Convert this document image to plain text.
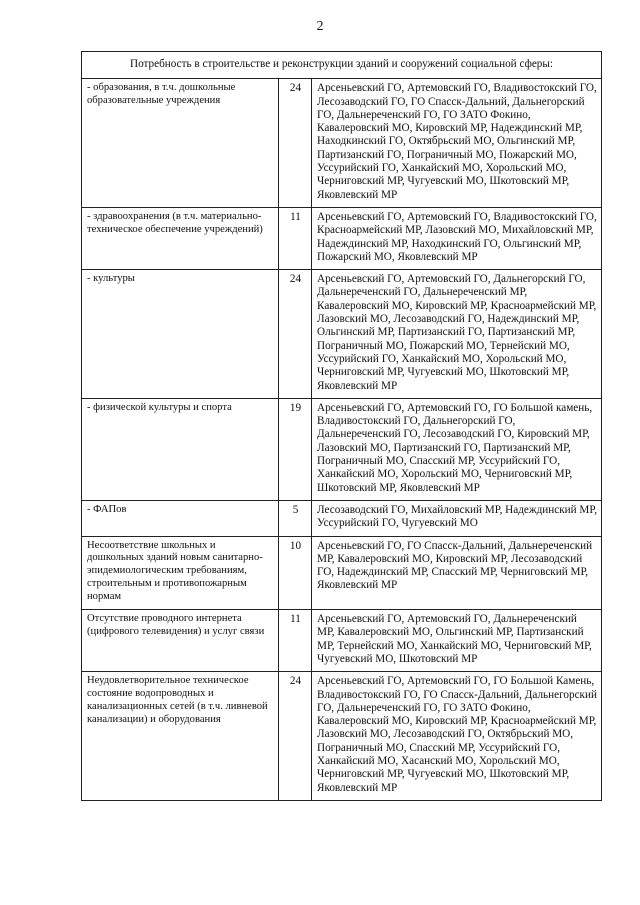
2
Потребность в строительстве и реконструкции зданий и сооружений социальной сферы:		
- образования, в т.ч. дошкольные образовательные учреждения	24	Арсеньевский ГО, Артемовский ГО, Владивостокский ГО, Лесозаводский ГО, ГО Спасск-Дальний, Дальнегорский ГО, Дальнереченский ГО, ГО ЗАТО Фокино, Кавалеровский МО, Кировский МР, Надеждинский МР, Находкинский ГО, Октябрьский МО, Ольгинский МР, Партизанский ГО, Пограничный МО, Пожарский МО, Уссурийский ГО, Ханкайский МО, Хорольский МО, Черниговский МР, Чугуевский МО, Шкотовский МР, Яковлевский МР
- здравоохранения (в т.ч. материально-техническое обеспечение учреждений)	11	Арсеньевский ГО, Артемовский ГО, Владивостокский ГО, Красноармейский МР, Лазовский МО, Михайловский МР, Надеждинский МР, Находкинский ГО, Ольгинский МР, Пожарский МО, Яковлевский МР
- культуры	24	Арсеньевский ГО, Артемовский ГО, Дальнегорский ГО, Дальнереченский ГО, Дальнереченский МР, Кавалеровский МО, Кировский МР, Красноармейский МР, Лазовский МО, Лесозаводский ГО, Надеждинский МР, Ольгинский МР, Партизанский ГО, Партизанский МР, Пограничный МО, Пожарский МО, Тернейский МО, Уссурийский ГО, Ханкайский МО, Хорольский МО, Черниговский МР, Чугуевский МО, Шкотовский МР, Яковлевский МР
- физической культуры и спорта	19	Арсеньевский ГО, Артемовский ГО, ГО Большой камень, Владивостокский ГО, Дальнегорский ГО, Дальнереченский ГО, Лесозаводский ГО, Кировский МР, Лазовский МО, Партизанский ГО, Партизанский МР, Пограничный МО, Спасский МР, Уссурийский ГО, Ханкайский МО, Хорольский МО, Черниговский МР, Шкотовский МР, Яковлевский МР
- ФАПов	5	Лесозаводский ГО, Михайловский МР, Надеждинский МР, Уссурийский ГО, Чугуевский МО
Несоответствие школьных и дошкольных зданий новым санитарно-эпидемиологическим требованиям, строительным и противопожарным нормам	10	Арсеньевский ГО, ГО Спасск-Дальний, Дальнереченский МР, Кавалеровский МО, Кировский МР, Лесозаводский ГО, Надеждинский МР, Спасский МР, Черниговский МР, Яковлевский МР
Отсутствие проводного интернета (цифрового телевидения) и услуг связи	11	Арсеньевский ГО, Артемовский ГО, Дальнереченский МР, Кавалеровский МО, Ольгинский МР, Партизанский МР, Тернейский МО, Ханкайский МО, Черниговский МР, Чугуевский МО, Шкотовский МР
Неудовлетворительное техническое состояние водопроводных и канализационных сетей (в т.ч. ливневой канализации) и оборудования	24	Арсеньевский ГО, Артемовский ГО, ГО Большой Камень, Владивостокский ГО, ГО Спасск-Дальний, Дальнегорский ГО, Дальнереченский ГО, ГО ЗАТО Фокино, Кавалеровский МО, Кировский МР, Красноармейский МР, Лазовский МО, Лесозаводский ГО, Октябрьский МО, Пограничный МО, Спасский МР, Уссурийский ГО, Ханкайский МО, Хасанский МО, Хорольский МО, Черниговский МР, Чугуевский МО, Шкотовский МР, Яковлевский МР
